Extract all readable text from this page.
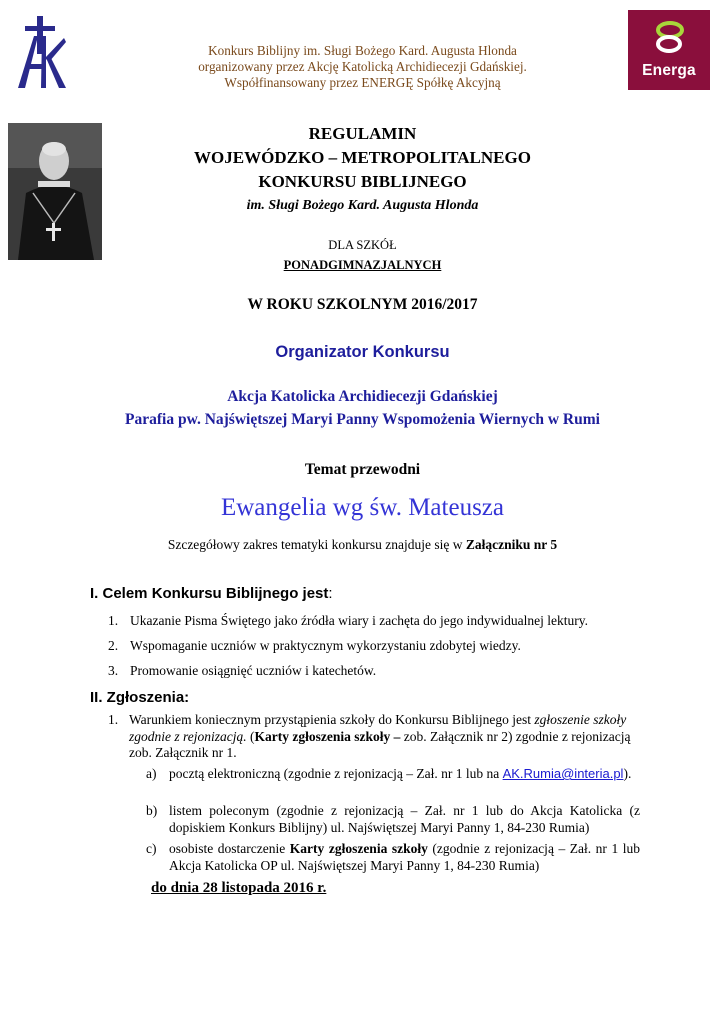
Konkurs Biblijny im. Sługi Bożego Kard. Augusta Hlonda
organizowany przez Akcję Katolicką Archidiecezji Gdańskiej.
Współfinansowany przez ENERGĘ Spółkę Akcyjną
Energa
REGULAMIN
WOJEWÓDZKO – METROPOLITALNEGO
KONKURSU BIBLIJNEGO
im. Sługi Bożego Kard. Augusta Hlonda
DLA SZKÓŁ
PONADGIMNAZJALNYCH
W ROKU SZKOLNYM 2016/2017
Organizator Konkursu
Akcja Katolicka Archidiecezji Gdańskiej
Parafia pw. Najświętszej Maryi Panny Wspomożenia Wiernych w Rumi
Temat przewodni
Ewangelia wg św. Mateusza
Szczegółowy zakres tematyki konkursu znajduje się w Załączniku nr 5
I. Celem Konkursu Biblijnego jest:
1. Ukazanie Pisma Świętego jako źródła wiary i zachęta do jego indywidualnej lektury.
2. Wspomaganie uczniów w praktycznym wykorzystaniu zdobytej wiedzy.
3. Promowanie osiągnięć uczniów i katechetów.
II. Zgłoszenia:
1. Warunkiem koniecznym przystąpienia szkoły do Konkursu Biblijnego jest zgłoszenie szkoły zgodnie z rejonizacją. (Karty zgłoszenia szkoły – zob. Załącznik nr 2) zgodnie z rejonizacją zob. Załącznik nr 1.
a) pocztą elektroniczną (zgodnie z rejonizacją – Zał. nr 1 lub na AK.Rumia@interia.pl).
b) listem poleconym (zgodnie z rejonizacją – Zał. nr 1 lub do Akcja Katolicka (z dopiskiem Konkurs Biblijny) ul. Najświętszej Maryi Panny 1, 84-230 Rumia)
c) osobiste dostarczenie Karty zgłoszenia szkoły (zgodnie z rejonizacją – Zał. nr 1 lub Akcja Katolicka OP ul. Najświętszej Maryi Panny 1, 84-230 Rumia)
do dnia 28 listopada 2016 r.
